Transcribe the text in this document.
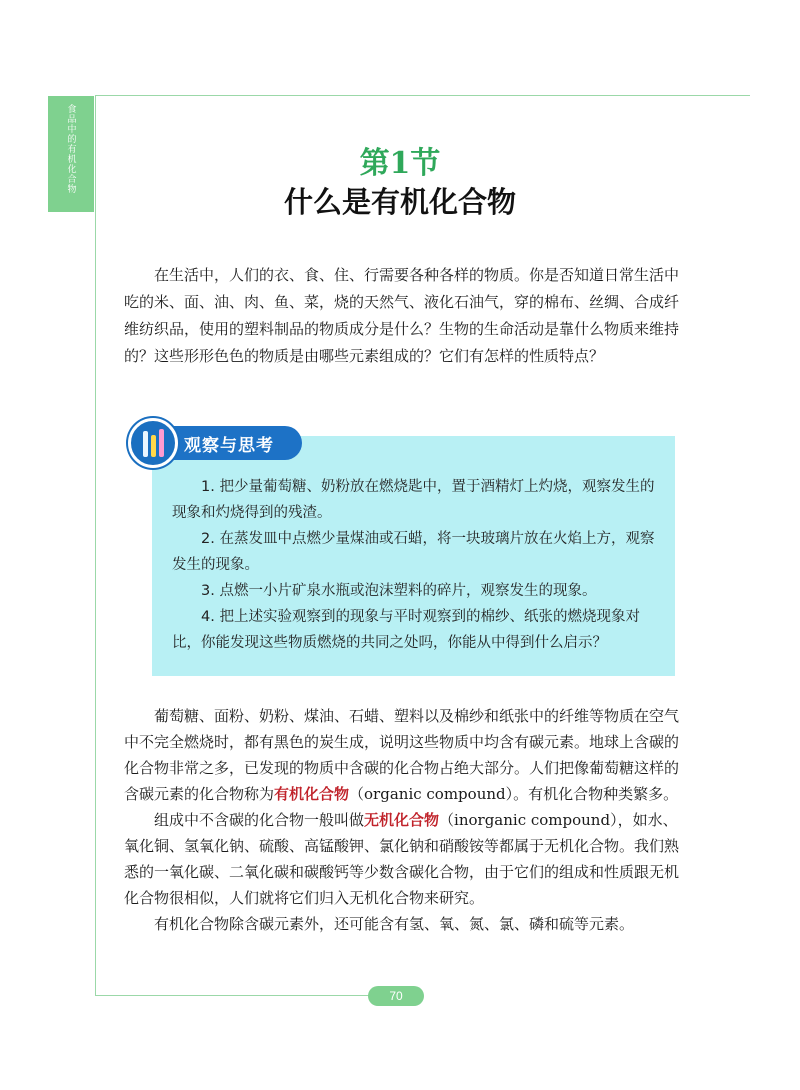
食品中的有机化合物	第1节
什么是有机化合物

在生活中，人们的衣、食、住、行需要各种各样的物质。你是否知道日常生活中吃的米、面、油、肉、鱼、菜，烧的天然气、液化石油气，穿的棉布、丝绸、合成纤维纺织品，使用的塑料制品的物质成分是什么？生物的生命活动是靠什么物质来维持的？这些形形色色的物质是由哪些元素组成的？它们有怎样的性质特点？

观察与思考
1. 把少量葡萄糖、奶粉放在燃烧匙中，置于酒精灯上灼烧，观察发生的现象和灼烧得到的残渣。
2. 在蒸发皿中点燃少量煤油或石蜡，将一块玻璃片放在火焰上方，观察发生的现象。
3. 点燃一小片矿泉水瓶或泡沫塑料的碎片，观察发生的现象。
4. 把上述实验观察到的现象与平时观察到的棉纱、纸张的燃烧现象对比，你能发现这些物质燃烧的共同之处吗，你能从中得到什么启示？

葡萄糖、面粉、奶粉、煤油、石蜡、塑料以及棉纱和纸张中的纤维等物质在空气中不完全燃烧时，都有黑色的炭生成，说明这些物质中均含有碳元素。地球上含碳的化合物非常之多，已发现的物质中含碳的化合物占绝大部分。人们把像葡萄糖这样的含碳元素的化合物称为有机化合物（organic compound）。有机化合物种类繁多。

组成中不含碳的化合物一般叫做无机化合物（inorganic compound），如水、氧化铜、氢氧化钠、硫酸、高锰酸钾、氯化钠和硝酸铵等都属于无机化合物。我们熟悉的一氧化碳、二氧化碳和碳酸钙等少数含碳化合物，由于它们的组成和性质跟无机化合物很相似，人们就将它们归入无机化合物来研究。

有机化合物除含碳元素外，还可能含有氢、氧、氮、氯、磷和硫等元素。

70
